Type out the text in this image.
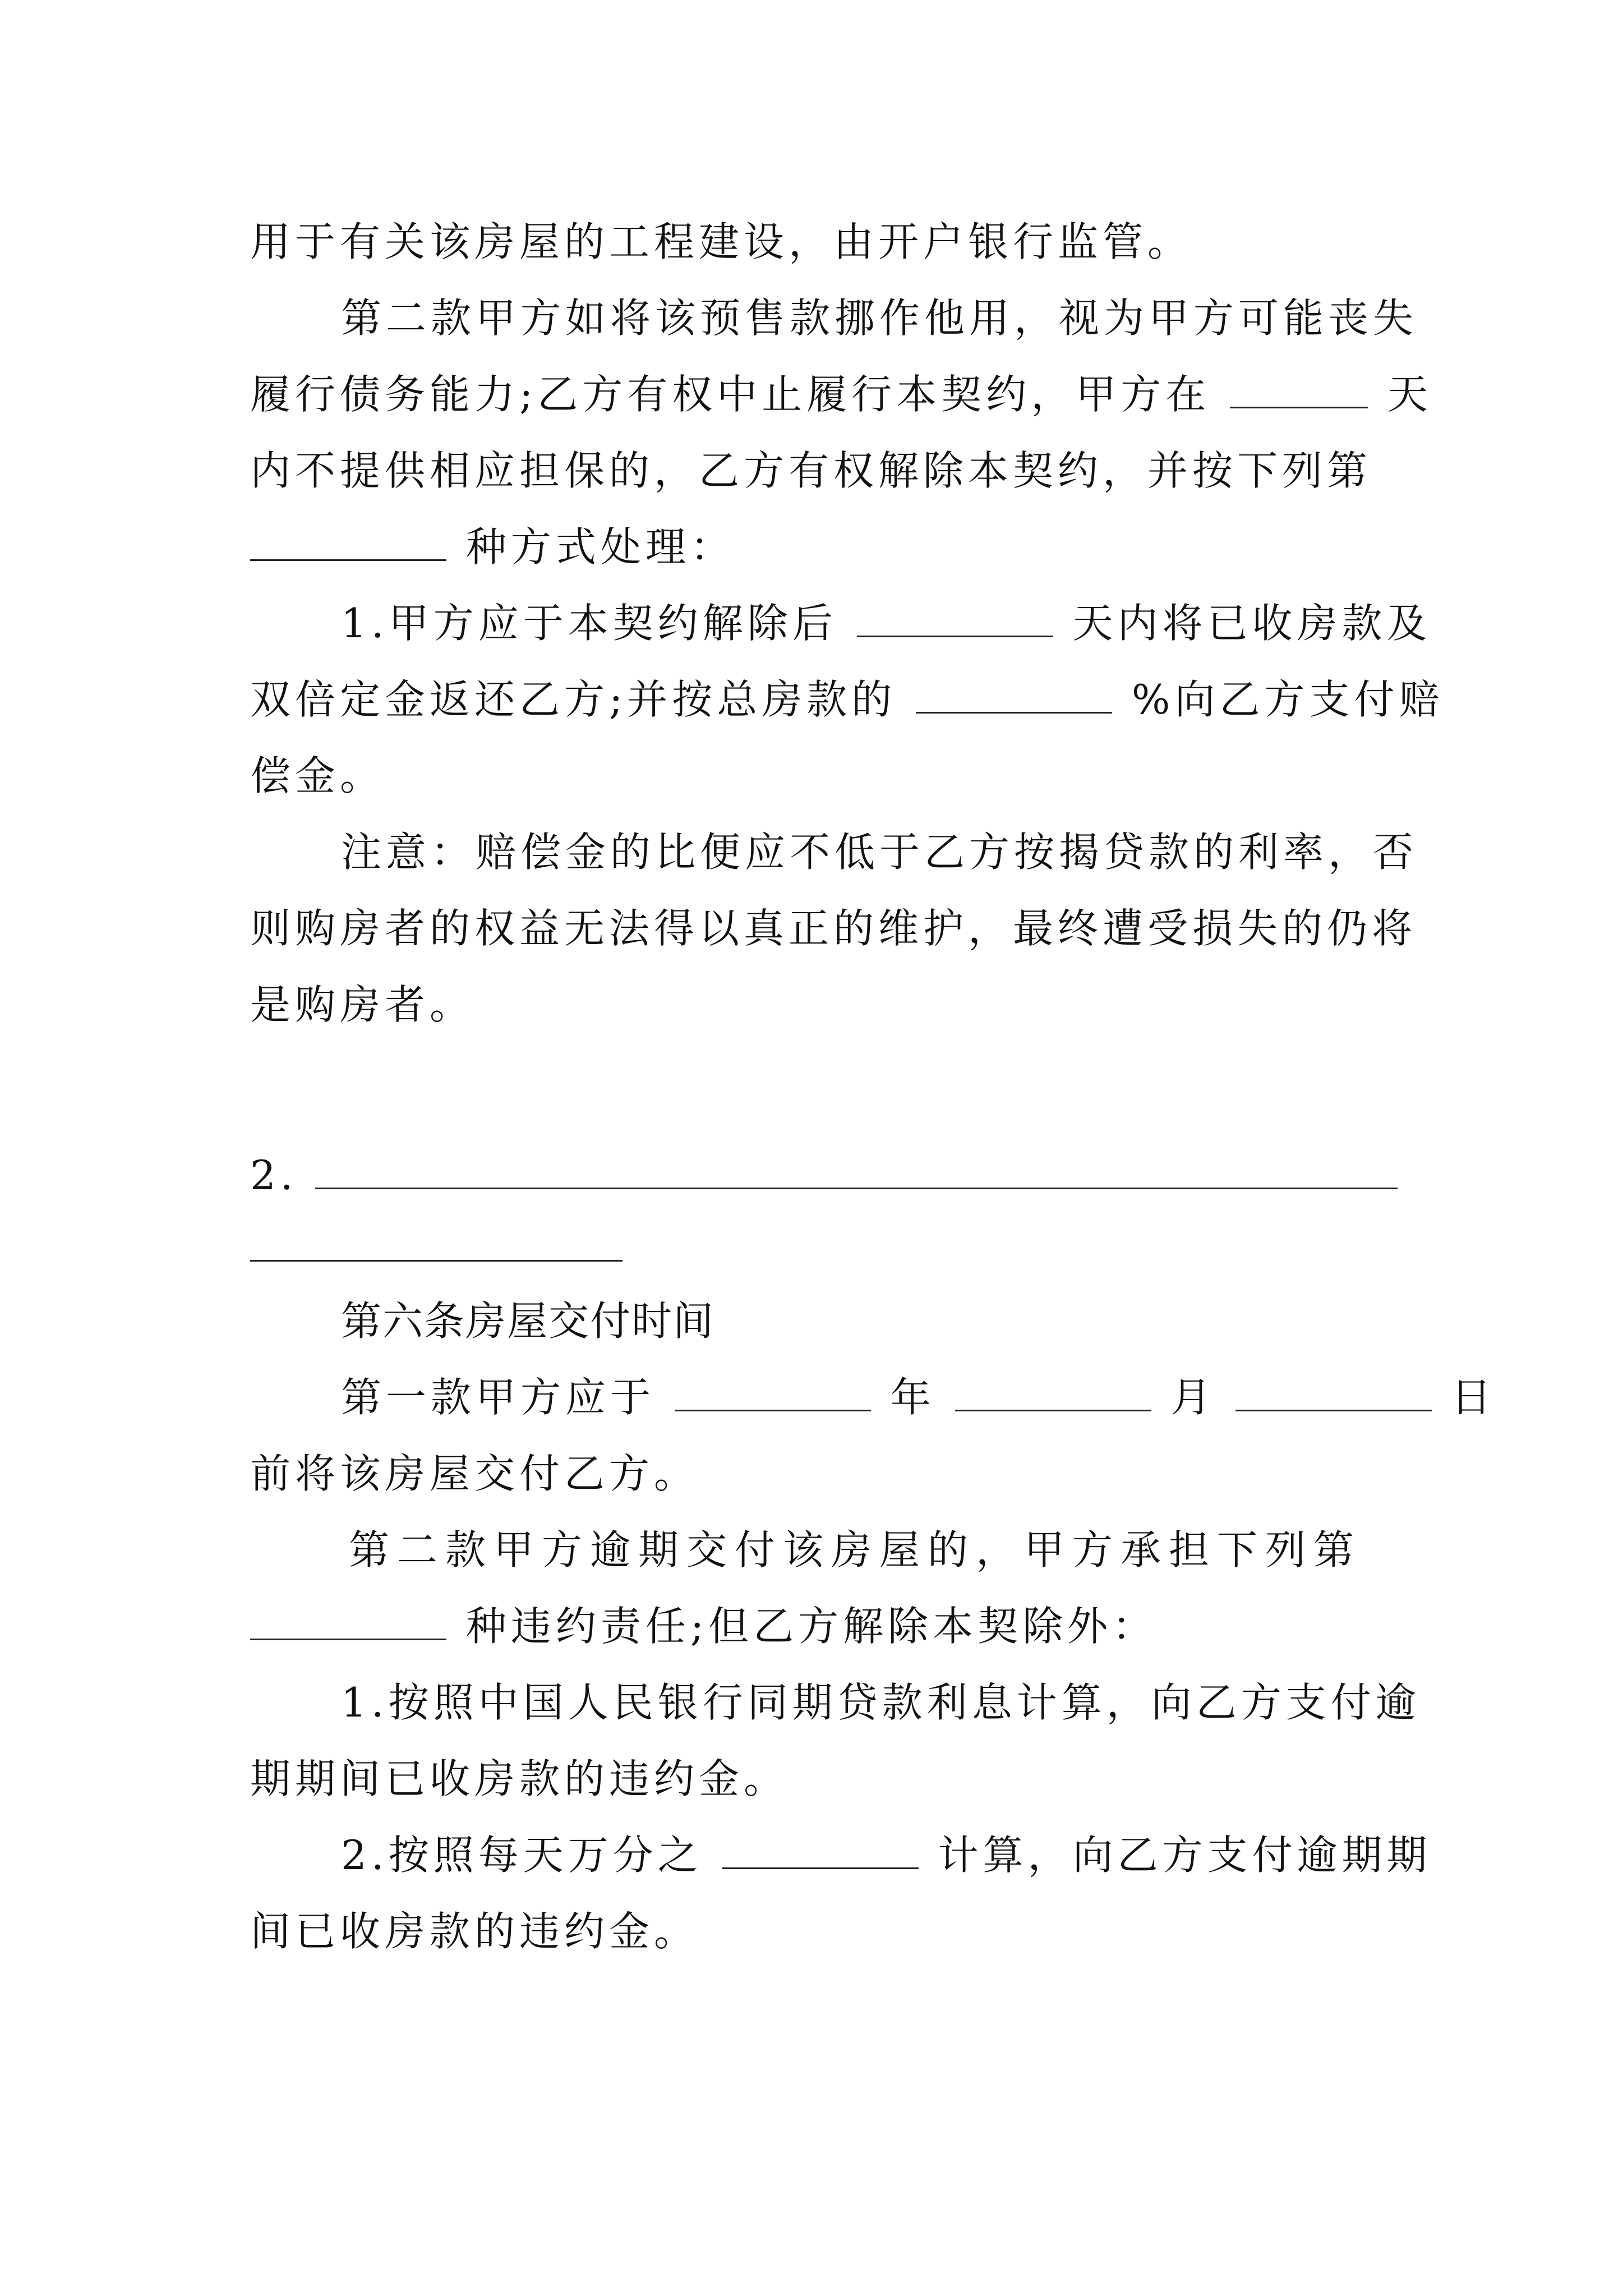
用于有关该房屋的工程建设，由开户银行监管。
第二款甲方如将该预售款挪作他用，视为甲方可能丧失
履行债务能力;乙方有权中止履行本契约，甲方在	天
内不提供相应担保的，乙方有权解除本契约，并按下列第
种方式处理：
1.甲方应于本契约解除后	天内将已收房款及
双倍定金返还乙方;并按总房款的	%向乙方支付赔
偿金。
注意：赔偿金的比便应不低于乙方按揭贷款的利率，否
则购房者的权益无法得以真正的维护，最终遭受损失的仍将
是购房者。
2.
第六条房屋交付时间
第一款甲方应于	年	月	日
前将该房屋交付乙方。
第二款甲方逾期交付该房屋的，甲方承担下列第
种违约责任;但乙方解除本契除外：
1.按照中国人民银行同期贷款利息计算，向乙方支付逾
期期间已收房款的违约金。
2.按照每天万分之	计算，向乙方支付逾期期
间已收房款的违约金。
